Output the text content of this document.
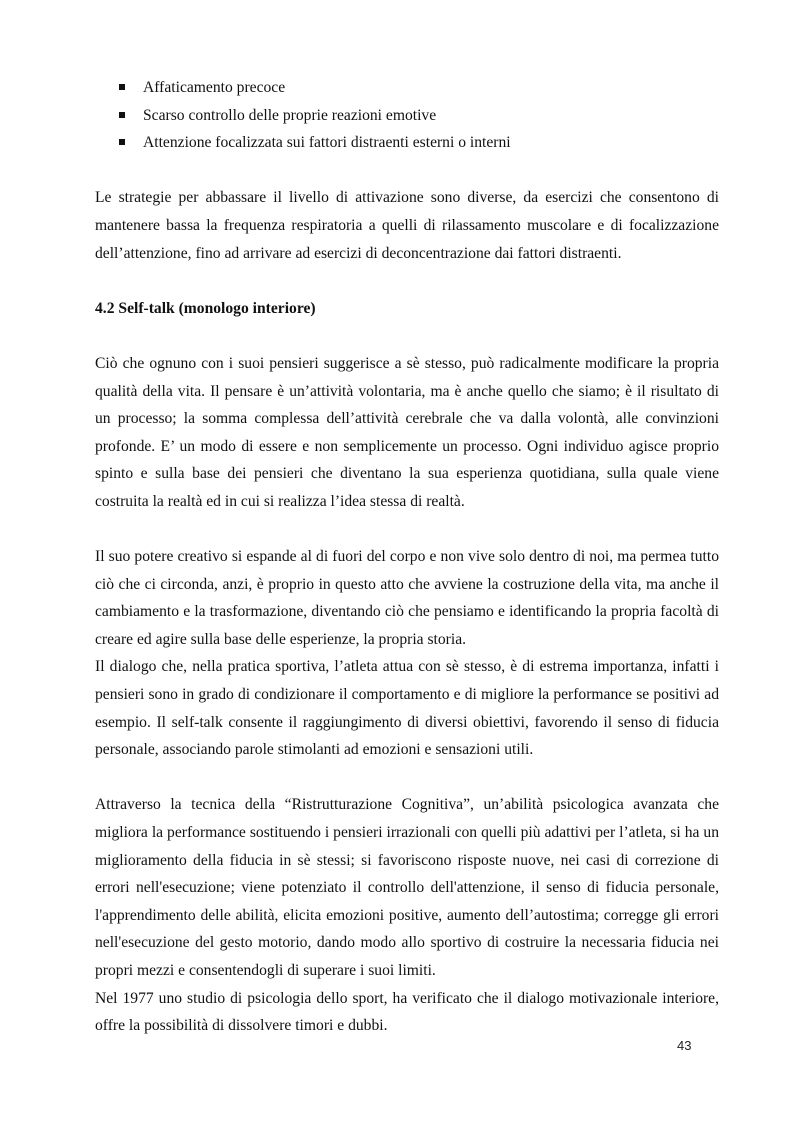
Affaticamento precoce
Scarso controllo delle proprie reazioni emotive
Attenzione focalizzata sui fattori distraenti esterni o interni

Le strategie per abbassare il livello di attivazione sono diverse, da esercizi che consentono di mantenere bassa la frequenza respiratoria a quelli di rilassamento muscolare e di focalizzazione dell’attenzione, fino ad arrivare ad esercizi di deconcentrazione dai fattori distraenti.

4.2 Self-talk (monologo interiore)

Ciò che ognuno con i suoi pensieri suggerisce a sè stesso, può radicalmente modificare la propria qualità della vita. Il pensare è un’attività volontaria, ma è anche quello che siamo; è il risultato di un processo; la somma complessa dell’attività cerebrale che va dalla volontà, alle convinzioni profonde. E’ un modo di essere e non semplicemente un processo. Ogni individuo agisce proprio spinto e sulla base dei pensieri che diventano la sua esperienza quotidiana, sulla quale viene costruita la realtà ed in cui si realizza l’idea stessa di realtà.

Il suo potere creativo si espande al di fuori del corpo e non vive solo dentro di noi, ma permea tutto ciò che ci circonda, anzi, è proprio in questo atto che avviene la costruzione della vita, ma anche il cambiamento e la trasformazione, diventando ciò che pensiamo e identificando la propria facoltà di creare ed agire sulla base delle esperienze, la propria storia.

Il dialogo che, nella pratica sportiva, l’atleta attua con sè stesso, è di estrema importanza, infatti i pensieri sono in grado di condizionare il comportamento e di migliore la performance se positivi ad esempio. Il self-talk consente il raggiungimento di diversi obiettivi, favorendo il senso di fiducia personale, associando parole stimolanti ad emozioni e sensazioni utili.

Attraverso la tecnica della “Ristrutturazione Cognitiva”, un’abilità psicologica avanzata che migliora la performance sostituendo i pensieri irrazionali con quelli più adattivi per l’atleta, si ha un miglioramento della fiducia in sè stessi; si favoriscono risposte nuove, nei casi di correzione di errori nell'esecuzione; viene potenziato il controllo dell'attenzione, il senso di fiducia personale, l'apprendimento delle abilità, elicita emozioni positive, aumento dell’autostima; corregge gli errori nell'esecuzione del gesto motorio, dando modo allo sportivo di costruire la necessaria fiducia nei propri mezzi e consentendogli di superare i suoi limiti.

Nel 1977 uno studio di psicologia dello sport, ha verificato che il dialogo motivazionale interiore, offre la possibilità di dissolvere timori e dubbi.

43
